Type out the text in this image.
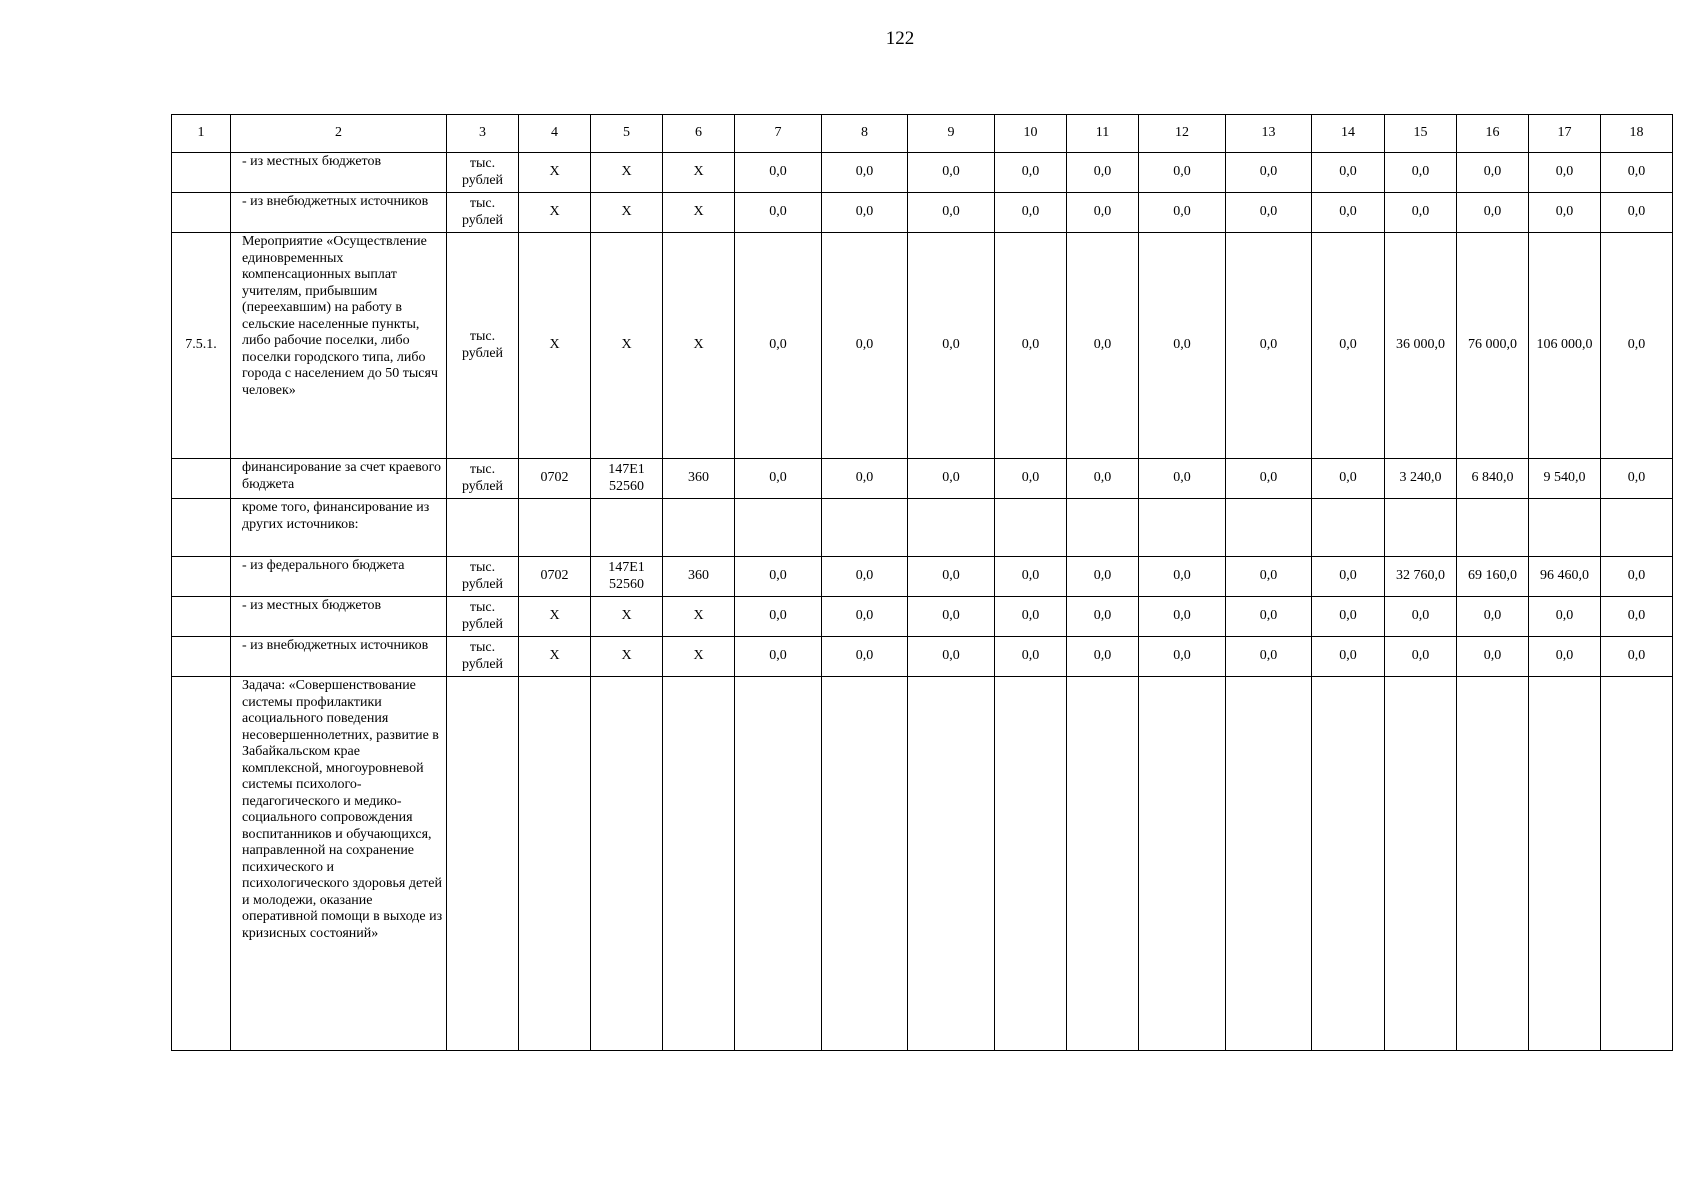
122
1	2	3	4	5	6	7	8	9	10	11	12	13	14	15	16	17	18
	- из местных бюджетов	тыс. рублей	X	X	X	0,0	0,0	0,0	0,0	0,0	0,0	0,0	0,0	0,0	0,0	0,0	0,0
	- из внебюджетных источников	тыс. рублей	X	X	X	0,0	0,0	0,0	0,0	0,0	0,0	0,0	0,0	0,0	0,0	0,0	0,0
7.5.1.	Мероприятие «Осуществление единовременных компенсационных выплат учителям, прибывшим (переехавшим) на работу в сельские населенные пункты, либо рабочие поселки, либо поселки городского типа, либо города с населением до 50 тысяч человек»	тыс. рублей	X	X	X	0,0	0,0	0,0	0,0	0,0	0,0	0,0	0,0	36 000,0	76 000,0	106 000,0	0,0
	финансирование за счет краевого бюджета	тыс. рублей	0702	147Е1 52560	360	0,0	0,0	0,0	0,0	0,0	0,0	0,0	0,0	3 240,0	6 840,0	9 540,0	0,0
	кроме того, финансирование из других источников:																
	- из федерального бюджета	тыс. рублей	0702	147Е1 52560	360	0,0	0,0	0,0	0,0	0,0	0,0	0,0	0,0	32 760,0	69 160,0	96 460,0	0,0
	- из местных бюджетов	тыс. рублей	X	X	X	0,0	0,0	0,0	0,0	0,0	0,0	0,0	0,0	0,0	0,0	0,0	0,0
	- из внебюджетных источников	тыс. рублей	X	X	X	0,0	0,0	0,0	0,0	0,0	0,0	0,0	0,0	0,0	0,0	0,0	0,0
	Задача: «Совершенствование системы профилактики асоциального поведения несовершеннолетних, развитие в Забайкальском крае комплексной, многоуровневой системы психолого-педагогического и медико-социального сопровождения воспитанников и обучающихся, направленной на сохранение психического и психологического здоровья детей и молодежи, оказание оперативной помощи в выходе из кризисных состояний»																
